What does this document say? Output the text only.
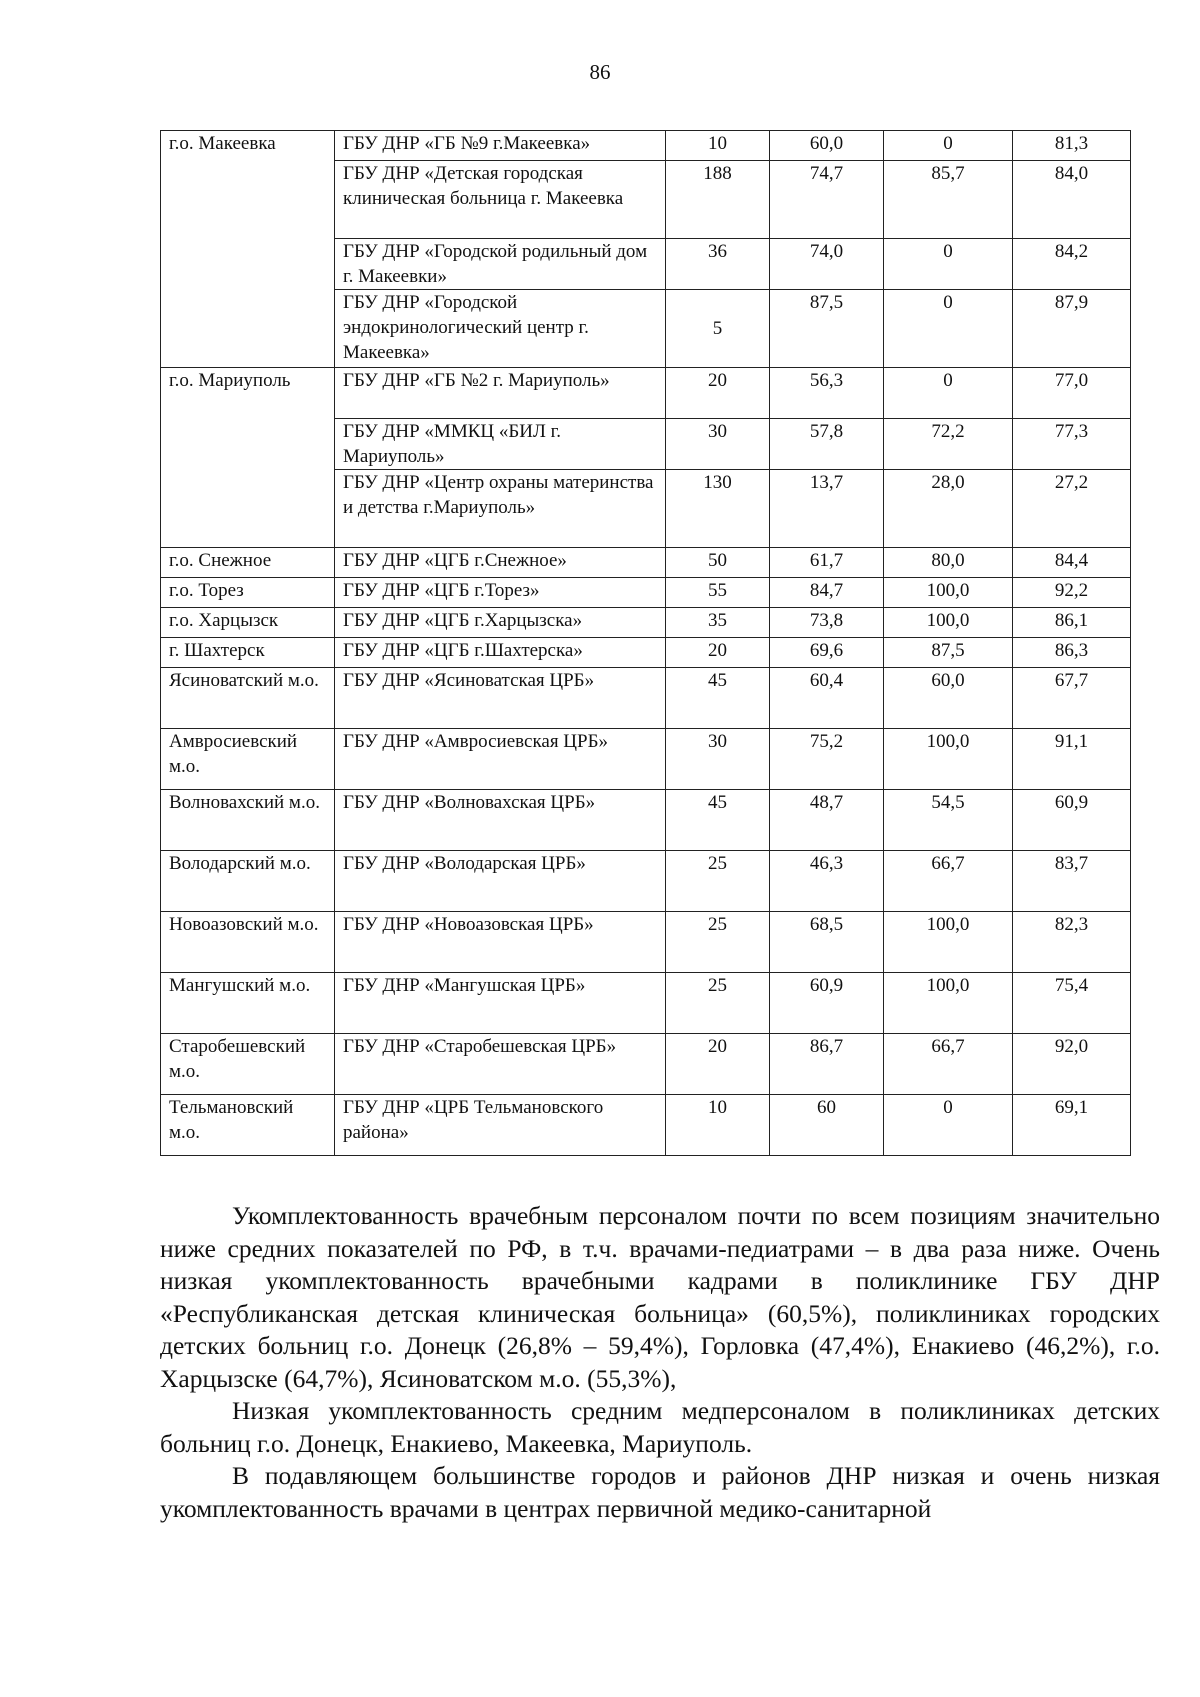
86
г.о. Макеевка	ГБУ ДНР «ГБ №9 г.Макеевка»	10	60,0	0	81,3
	ГБУ ДНР «Детская городская клиническая больница г. Макеевка	188	74,7	85,7	84,0
	ГБУ ДНР «Городской родильный дом г. Макеевки»	36	74,0	0	84,2
	ГБУ ДНР «Городской эндокринологический центр г. Макеевка»	5	87,5	0	87,9
г.о. Мариуполь	ГБУ ДНР «ГБ №2 г. Мариуполь»	20	56,3	0	77,0
	ГБУ ДНР «ММКЦ «БИЛ г. Мариуполь»	30	57,8	72,2	77,3
	ГБУ ДНР «Центр охраны материнства и детства г.Мариуполь»	130	13,7	28,0	27,2
г.о. Снежное	ГБУ ДНР «ЦГБ г.Снежное»	50	61,7	80,0	84,4
г.о. Торез	ГБУ ДНР «ЦГБ г.Торез»	55	84,7	100,0	92,2
г.о. Харцызск	ГБУ ДНР «ЦГБ г.Харцызска»	35	73,8	100,0	86,1
г. Шахтерск	ГБУ ДНР «ЦГБ г.Шахтерска»	20	69,6	87,5	86,3
Ясиноватский м.о.	ГБУ ДНР «Ясиноватская ЦРБ»	45	60,4	60,0	67,7
Амвросиевский м.о.	ГБУ ДНР «Амвросиевская ЦРБ»	30	75,2	100,0	91,1
Волновахский м.о.	ГБУ ДНР «Волновахская ЦРБ»	45	48,7	54,5	60,9
Володарский м.о.	ГБУ ДНР «Володарская ЦРБ»	25	46,3	66,7	83,7
Новоазовский м.о.	ГБУ ДНР «Новоазовская ЦРБ»	25	68,5	100,0	82,3
Мангушский м.о.	ГБУ ДНР «Мангушская ЦРБ»	25	60,9	100,0	75,4
Старобешевский м.о.	ГБУ ДНР «Старобешевская ЦРБ»	20	86,7	66,7	92,0
Тельмановский м.о.	ГБУ ДНР «ЦРБ Тельмановского района»	10	60	0	69,1

Укомплектованность врачебным персоналом почти по всем позициям значительно ниже средних показателей по РФ, в т.ч. врачами-педиатрами – в два раза ниже. Очень низкая укомплектованность врачебными кадрами в поликлинике ГБУ ДНР «Республиканская детская клиническая больница» (60,5%), поликлиниках городских детских больниц г.о. Донецк (26,8% – 59,4%), Горловка (47,4%), Енакиево (46,2%), г.о. Харцызске (64,7%), Ясиноватском м.о. (55,3%),

Низкая укомплектованность средним медперсоналом в поликлиниках детских больниц г.о. Донецк, Енакиево, Макеевка, Мариуполь.

В подавляющем большинстве городов и районов ДНР низкая и очень низкая укомплектованность врачами в центрах первичной медико-санитарной
